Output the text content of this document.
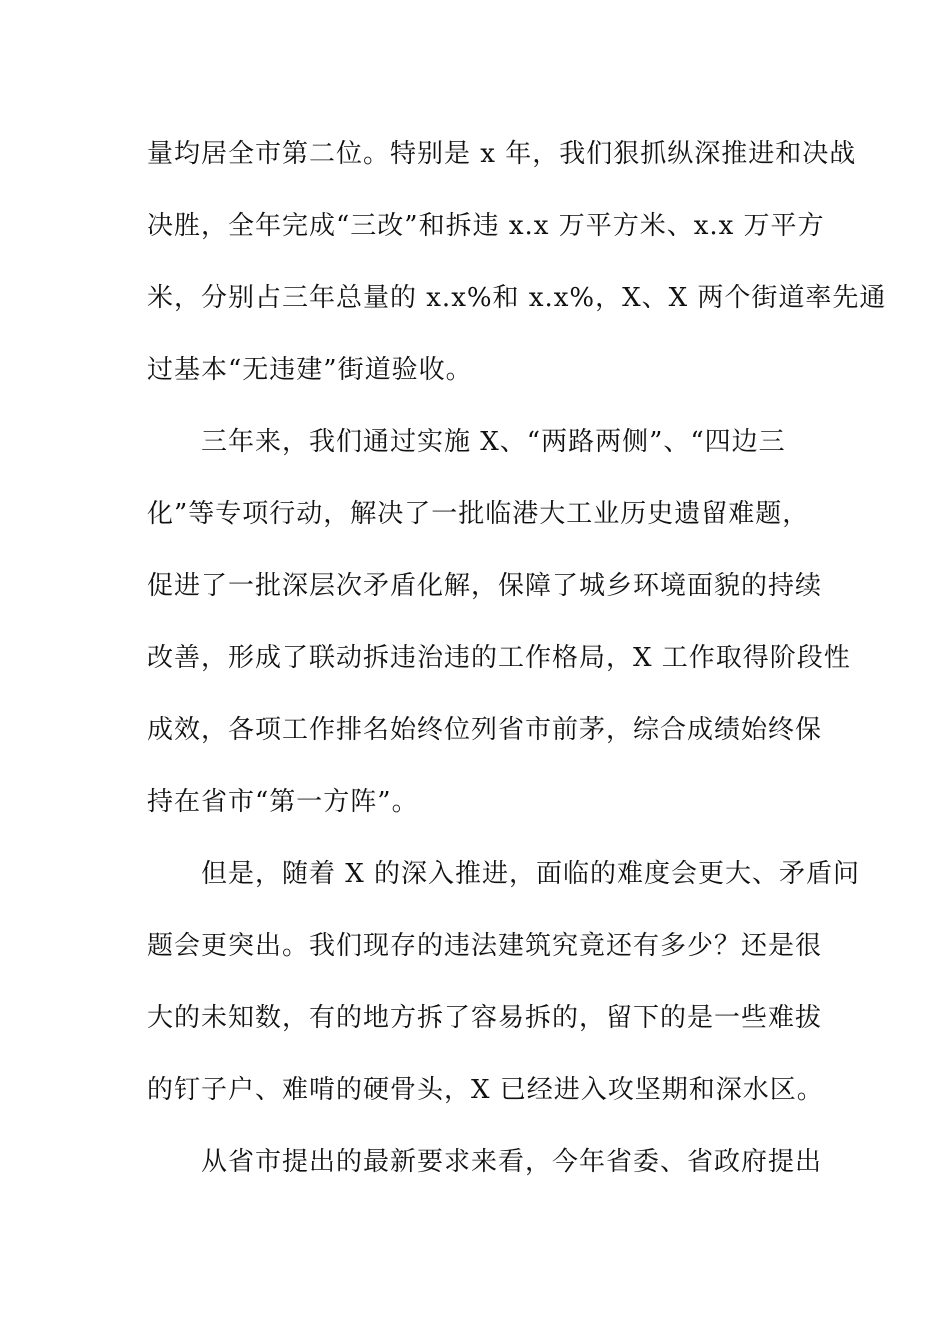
量均居全市第二位。特别是 x 年，我们狠抓纵深推进和决战
决胜，全年完成“三改”和拆违 x.x 万平方米、x.x 万平方
米，分别占三年总量的 x.x%和 x.x%，X、X 两个街道率先通
过基本“无违建”街道验收。
　　三年来，我们通过实施 X、“两路两侧”、“四边三
化”等专项行动，解决了一批临港大工业历史遗留难题，
促进了一批深层次矛盾化解，保障了城乡环境面貌的持续
改善，形成了联动拆违治违的工作格局，X 工作取得阶段性
成效，各项工作排名始终位列省市前茅，综合成绩始终保
持在省市“第一方阵”。
　　但是，随着 X 的深入推进，面临的难度会更大、矛盾问
题会更突出。我们现存的违法建筑究竟还有多少？还是很
大的未知数，有的地方拆了容易拆的，留下的是一些难拔
的钉子户、难啃的硬骨头，X 已经进入攻坚期和深水区。
　　从省市提出的最新要求来看，今年省委、省政府提出
